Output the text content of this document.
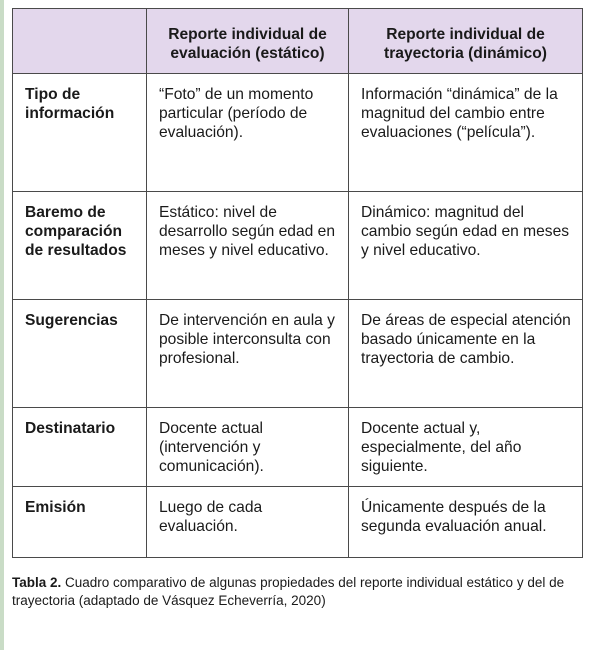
	Reporte individual de evaluación (estático)	Reporte individual de trayectoria (dinámico)
Tipo de información	“Foto” de un momento particular (período de evaluación).	Información “dinámica” de la magnitud del cambio entre evaluaciones (“película”).
Baremo de comparación de resultados	Estático: nivel de desarrollo según edad en meses y nivel educativo.	Dinámico: magnitud del cambio según edad en meses y nivel educativo.
Sugerencias	De intervención en aula y posible interconsulta con profesional.	De áreas de especial atención basado únicamente en la trayectoria de cambio.
Destinatario	Docente actual (intervención y comunicación).	Docente actual y, especialmente, del año siguiente.
Emisión	Luego de cada evaluación.	Únicamente después de la segunda evaluación anual.

Tabla 2. Cuadro comparativo de algunas propiedades del reporte individual estático y del de trayectoria (adaptado de Vásquez Echeverría, 2020)
